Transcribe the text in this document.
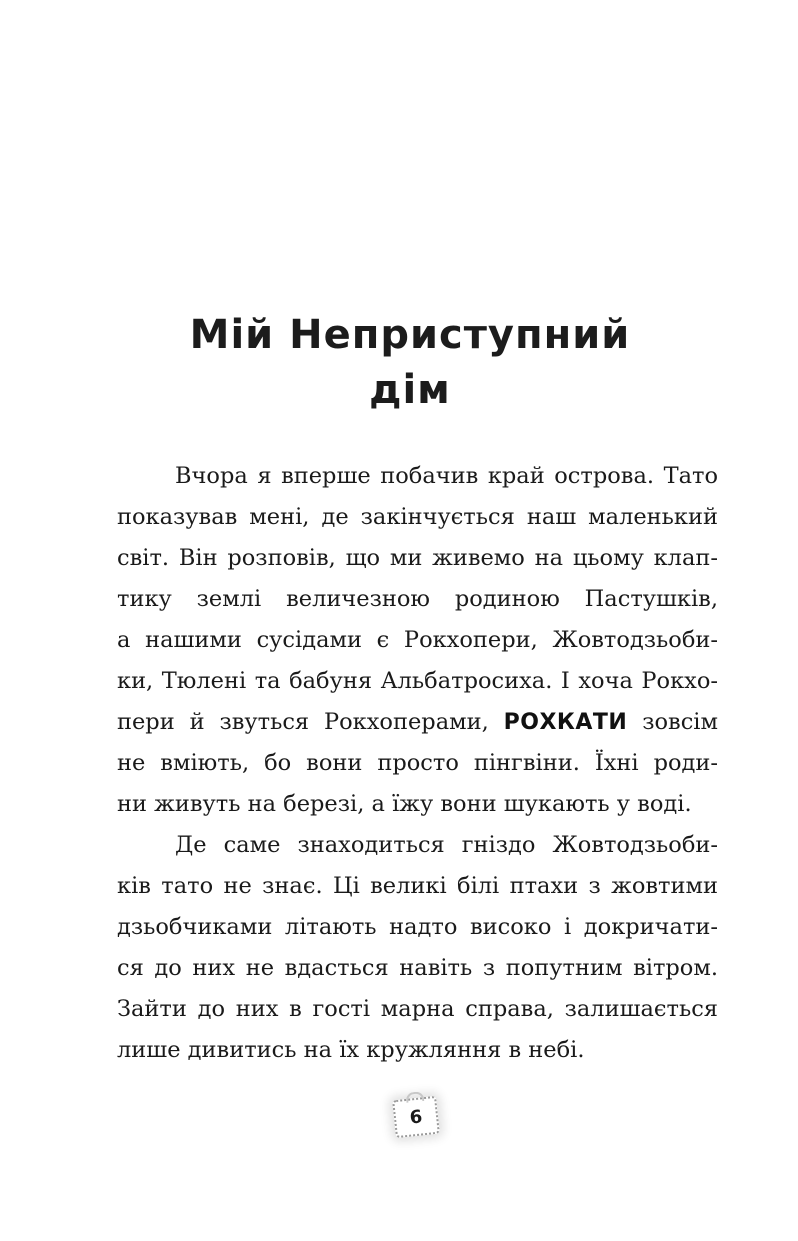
Мій Неприступний
дім
Вчора я вперше побачив край острова. Тато
показував мені, де закінчується наш маленький
світ. Він розповів, що ми живемо на цьому клап-
тику землі величезною родиною Пастушків,
а нашими сусідами є Рокхопери, Жовтодзьоби-
ки, Тюлені та бабуня Альбатросиха. І хоча Рокхо-
пери й звуться Рокхоперами, РОХКАТИ зовсім
не вміють, бо вони просто пінгвіни. Їхні роди-
ни живуть на березі, а їжу вони шукають у воді.
Де саме знаходиться гніздо Жовтодзьоби-
ків тато не знає. Ці великі білі птахи з жовтими
дзьобчиками літають надто високо і докричати-
ся до них не вдасться навіть з попутним вітром.
Зайти до них в гості марна справа, залишається
лише дивитись на їх кружляння в небі.
6
